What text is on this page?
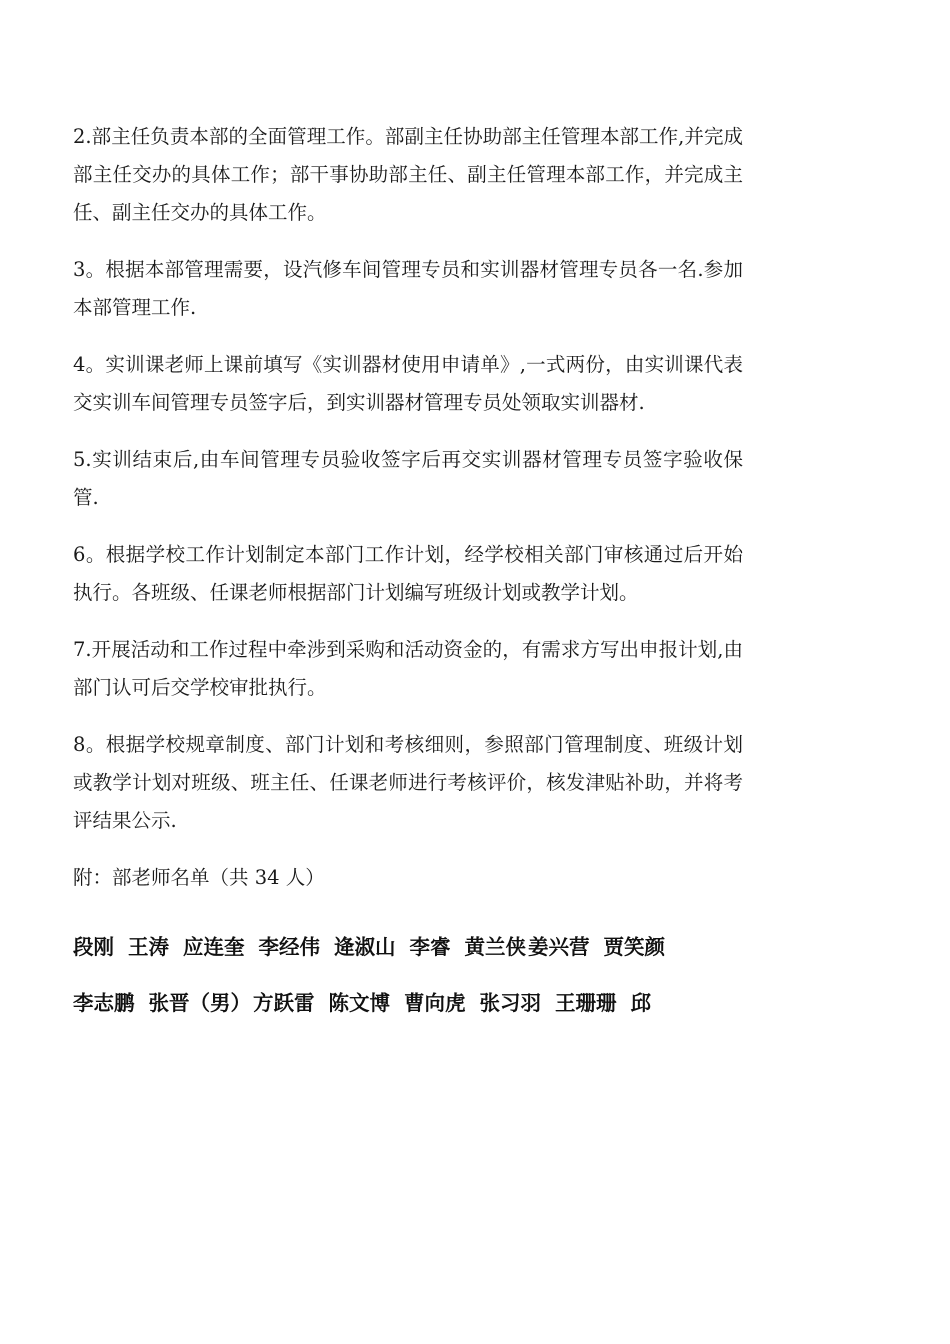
2.部主任负责本部的全面管理工作。部副主任协助部主任管理本部工作,并完成部主任交办的具体工作；部干事协助部主任、副主任管理本部工作，并完成主任、副主任交办的具体工作。

3。根据本部管理需要，设汽修车间管理专员和实训器材管理专员各一名.参加本部管理工作.

4。实训课老师上课前填写《实训器材使用申请单》,一式两份，由实训课代表交实训车间管理专员签字后，到实训器材管理专员处领取实训器材.

5.实训结束后,由车间管理专员验收签字后再交实训器材管理专员签字验收保管.

6。根据学校工作计划制定本部门工作计划，经学校相关部门审核通过后开始执行。各班级、任课老师根据部门计划编写班级计划或教学计划。

7.开展活动和工作过程中牵涉到采购和活动资金的，有需求方写出申报计划,由部门认可后交学校审批执行。

8。根据学校规章制度、部门计划和考核细则，参照部门管理制度、班级计划或教学计划对班级、班主任、任课老师进行考核评价，核发津贴补助，并将考评结果公示.

附：部老师名单（共 34 人）

段刚 王涛 应连奎 李经伟 逄淑山 李睿 黄兰侠姜兴营 贾笑颜
李志鹏 张晋（男）方跃雷 陈文博 曹向虎 张习羽 王珊珊 邱
